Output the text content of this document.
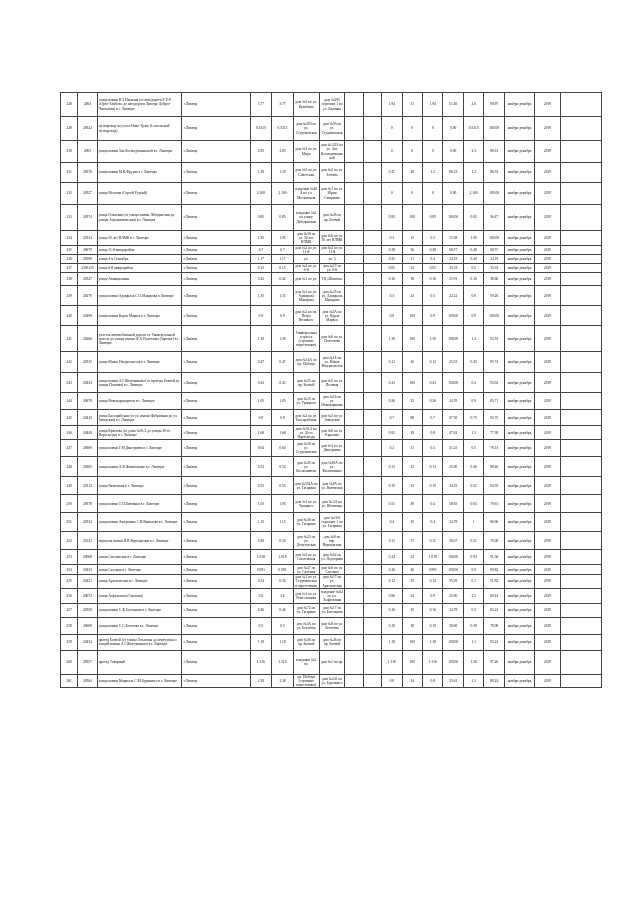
228	2064	улица имени Н.З.Наумана (от автодороги Р 119 «Орел-Тамбов» до автодороги Липецк-Доброе-Чаплыгин) в г. Липецке	г.Липецк	3.77	3.77	дом №5 по ул. Кулибина	дом №285 строение 1 по ул. Баумана			1.94	51	1.94	51.46	2.6	68.97	ноябрь-декабрь	2019	
229	20522	путепровод ж/д путь Ново-Транс (Сокольский путепровод)	г.Липецк	0.5315	0.5315	дом №203 по ул. Студеновская	дом №93 по ул. Студеновская			0	0	0	0.00	0.5315	100.00	ноябрь-декабрь	2019	
230	2065	улица имени Зои Космодемьянской в г. Липецке	г.Липецк	2.85	2.85	дом №3 по ул. Мира	дом №121Б по ул. Зои Космодемьянской			0	0	0	0.00	2.3	80.01	ноябрь-декабрь	2019	
231	20576	улица имени М.В.Фрунзе в г. Липецке	г.Липецк	1.39	1.39	дом №5 по ул. Советская	дом №2 по ул. Зегеева			0.47	48	1.2	86.33	1.2	86.33	ноябрь-декабрь	2019	
232	20527	улица Мозгова (Сергей Рудкий)	г.Липецк	2.169	2.169	владение №46 А по ул. Московская	дом №1 по ул. Юрия Смирнова			0	0	0	0.00	2.169	100.00	ноябрь-декабрь	2019	
233	20574	улица Ольховая (от улицы имени Лебединская до улицы Агрономическая) в г. Липецке	г.Липецк	0.85	0.85	владение №2 по улице Лебединская	дом №26 по пр. Боевой			0.85	100	0.85	100.00	0.82	96.47	ноябрь-декабрь	2019	
234	20334	улица 50 лет НЛМК в г. Липецке	г.Липецк	1.95	1.95	дом №30 по ул. 50 лет НЛМК	дом №6 по ул. 50 лет НЛМК			0.3	15	0.3	15.38	1.95	100.00	ноябрь-декабрь	2019	
235	20679	улица 11-й микрорайон	г.Липецк	0.7	0.7	дом №2 по ул. 11-й	дом №4 по ул. 11-й			0.38	36	0.48	68.57	0.48	68.57	ноябрь-декабрь	2019	
236	20598	улица 4-я Сентябрь	г.Липецк	1.17	1.17	ул.	ул. 3			0.25	21	0.4	34.19	0.40	34.19	ноябрь-декабрь	2019	
237	2456125	улица 6-й микрорайон	г.Липецк	0.15	0.15	дом №2 по ул. 6-й	дом №17 по ул. 6-й			0.05	33	0.05	33.33	0.5	33.33	ноябрь-декабрь	2019	
238	20527	улица Авиационная	г.Липецк	0.42	0.42	дом №1 по ул.	ТЦ «Шавеля»			0.16	38	0.16	25.91	0.16	38.66	ноябрь-декабрь	2019	
239	20279	улица имени Адмирала С.О.Макарова в Липецке	г.Липецк	1.35	1.35	дом №1 по ул. Адмирала Макарова	дом №25 по ул. Адмирала Макарова			0.3	22	0.3	22.22	0.8	59.26	ноябрь-декабрь	2019	
240	20498	улица имени Карла Маркса в г. Липецке	г.Липецк	0.9	0.9	дом №2 по пл. Петра Великого	дом №5А по ул. Карла Маркса			0.9	100	0.9	100.00	0.9	100.00	ноябрь-декабрь	2019	
241	20266	участок автомобильной дороги от Универсальной трассы до улицы имени Ф.А.Полетаева (Заречье) в г. Липецке	г.Липецк	1.39	1.39	Универсальная трасса (строение пересечение)	дом №6 по ул. Полетаева			1.39	100	1.39	100.00	1.3	93.53	ноябрь-декабрь	2019	
242	20535	улица Юных Натуралистов в г. Липецке	г.Липецк	0.47	0.47	дом №14А по пр. Победы	дом №1Б по ул. Юных Натуралистов			0.12	26	0.12	25.53	0.45	95.74	ноябрь-декабрь	2019	
243	20454	улица имени А.Г.Железнякова (от проезда Боевой до улицы Полевая) в г. Липецке	г.Липецк	0.43	0.43	дом №35 по пр. Боевой	дом №5 по ул. Полевая			0.43	100	0.43	100.00	0.4	93.02	ноябрь-декабрь	2019	
244	20678	улица Новоцарькорогов в г. Липецке	г.Липецк	1.05	1.05	дом №15 по ул. Урицкого	дом №16 по ул. Новоцарькова			0.26	25	0.26	24.76	0.9	85.71	ноябрь-декабрь	2019	
245	20445	улица Бассарабская (от ул. имени Фабричная до ул. Заводская) в г. Липецке	г.Липецк	0.8	0.8	дом №2 по ул. Бассарабская	дом №3 по ул. Заводская			0.7	88	0.7	87.50	0.75	93.75	ноябрь-декабрь	2019	
246	20449	улица Крылова (от дома №91/2 до улицы 30-го Партсъезда) в г. Липецке	г.Липецк	1.68	1.68	дом №91/2 по ул. 30-го Партсъезда	дом №6 по ул. Крылова			0.82	49	0.8	47.62	1.3	77.38	ноябрь-декабрь	2019	
247	20669	улица имени Г.М.Дмитриева в г. Липецке	г.Липецк	0.64	0.64	дом №30 по ул. Студеновская	дом №3 по ул. Дмитриева			0.2	31	0.2	31.25	0.5	78.13	ноябрь-декабрь	2019	
248	20305	улица имени А.В.Филиппенко в г. Липецке	г.Липецк	0.52	0.52	дом №45 по ул. Космонавтов	дом №65А по ул. Филиппенко			0.13	25	0.13	25.00	0.46	88.46	ноябрь-декабрь	2019	
249	20312	улица Вяземская в г. Липецке	г.Липецк	0.55	0.55	дом №534А по ул. Гагарина	дом №8А по ул. Вяземская			0.19	35	0.19	34.55	0.52	94.55	ноябрь-декабрь	2019	
250	20578	улица имени Т.Г.Шевченко в г. Липецке	г.Липецк	1.03	1.03	дом №1 по ул. Урицкого	дом №121 по ул. Шевченко			0.51	49	0.4	38.83	0.83	79.61	ноябрь-декабрь	2019	
251	20532	улица имени Академика С.И.Вавилова в г. Липецке	г.Липецк	1.15	1.15	дом №30 по ул. Гагарина	дом №16А строение 1 по ул. Гагарина			0.4	35	0.4	34.78	1	86.96	ноябрь-декабрь	2019	
252	20141	переулок имени В.В.Верещагина в г. Липецке	г.Липецк	0.30	0.30	дом №23 по ул. Депутатская	дом №8 по пер. Верещагина			0.11	37	0.11	36.67	0.21	70.00	ноябрь-декабрь	2019	
253	20068	улица Смоленская в г. Липецке	г.Липецк	1.018	1.018	дом №5 по ул. Смоленская	дом №62 по ул. Подгорная			0.24	24	1.018	100.00	0.93	91.36	ноябрь-декабрь	2019	
254	20453	улица Салтыка в г. Липецке	г.Липецк	0.991	0.991	дом №47 по ул. Салтыка	дом №6 по ул. Салтыка			0.26	26	0.991	100.00	0.9	90.82	ноябрь-декабрь	2019	
255	20421	улица Арктическая в г. Липецке	г.Липецк	0.34	0.34	дом №1 по ул. Студеновская в пересечении	дом №17 по ул. Арктическая			0.12	35	0.12	35.29	0.1	51.82	ноябрь-декабрь	2019	
256	20072	улица Асфальтная (Сметная)	г.Липецк	3.6	3.6	дом №1 по ул. Ремесленная	владение №62 по ул. Асфальтная			0.86	24	0.9	25.00	2.5	69.44	ноябрь-декабрь	2019	
257	20550	улица имени С.Ф.Балтанова в г. Липецке	г.Липецк	0.46	0.46	дом №72 по ул. Гагарина	дом №17 по ул. Балтанова			0.16	35	0.16	34.78	0.3	65.22	ноябрь-декабрь	2019	
258	20669	улица имени С.С.Бехтеева в г. Липецке	г.Липецк	0.5	0.5	дом №3А по ул. Бехтеева	дом №8 по ул. Бехтеева			0.19	38	0.19	38.00	0.39	78.00	ноябрь-декабрь	2019	
259	20454	проезд Боевой (от улицы Ольховая до переулочка с улицей имени А.Г.Железнякова) в г. Липецке	г.Липецк	1.18	1.18	дом №36 по пр. Боевой	дом №26 по пр. Боевой			1.18	100	1.18	100.00	1.1	93.22	ноябрь-декабрь	2019	
260	20557	проезд Товарный	г.Липецк	1.316	1.316	владение №2 по	дом №1 по пр.			1.316	100	1.316	100.00	1.28	97.26	ноябрь-декабрь	2019	
261	20564	улица имени Маршала С.М.Буденного в г. Липецке	г.Липецк	2.38	2.38	пр. Победы (строение пересечение)	дом №241 по ул. Буденного			0.8	34	0.8	33.61	2.1	88.24	ноябрь-декабрь	2019	
